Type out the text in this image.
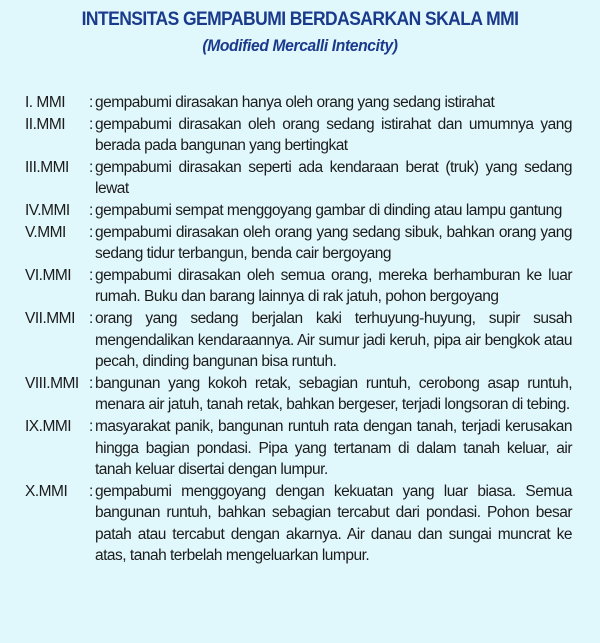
INTENSITAS GEMPABUMI BERDASARKAN SKALA MMI
(Modified Mercalli Intencity)
I. MMI	: gempabumi dirasakan hanya oleh orang yang sedang istirahat
II.MMI	: gempabumi dirasakan oleh orang sedang istirahat dan umumnya yang berada pada bangunan yang bertingkat
III.MMI	: gempabumi dirasakan seperti ada kendaraan berat (truk) yang sedang lewat
IV.MMI	: gempabumi sempat menggoyang gambar di dinding atau lampu gantung
V.MMI	: gempabumi dirasakan oleh orang yang sedang sibuk, bahkan orang yang sedang tidur terbangun, benda cair bergoyang
VI.MMI	: gempabumi dirasakan oleh semua orang, mereka berhamburan ke luar rumah. Buku dan barang lainnya di rak jatuh, pohon bergoyang
VII.MMI : orang yang sedang berjalan kaki terhuyung-huyung, supir susah mengendalikan kendaraannya. Air sumur jadi keruh, pipa air bengkok atau pecah, dinding bangunan bisa runtuh.
VIII.MMI : bangunan yang kokoh retak, sebagian runtuh, cerobong asap runtuh, menara air jatuh, tanah retak, bahkan bergeser, terjadi longsoran di tebing.
IX.MMI	: masyarakat panik, bangunan runtuh rata dengan tanah, terjadi kerusakan hingga bagian pondasi. Pipa yang tertanam di dalam tanah keluar, air tanah keluar disertai dengan lumpur.
X.MMI	: gempabumi menggoyang dengan kekuatan yang luar biasa. Semua bangunan runtuh, bahkan sebagian tercabut dari pondasi. Pohon besar patah atau tercabut dengan akarnya. Air danau dan sungai muncrat ke atas, tanah terbelah mengeluarkan lumpur.
